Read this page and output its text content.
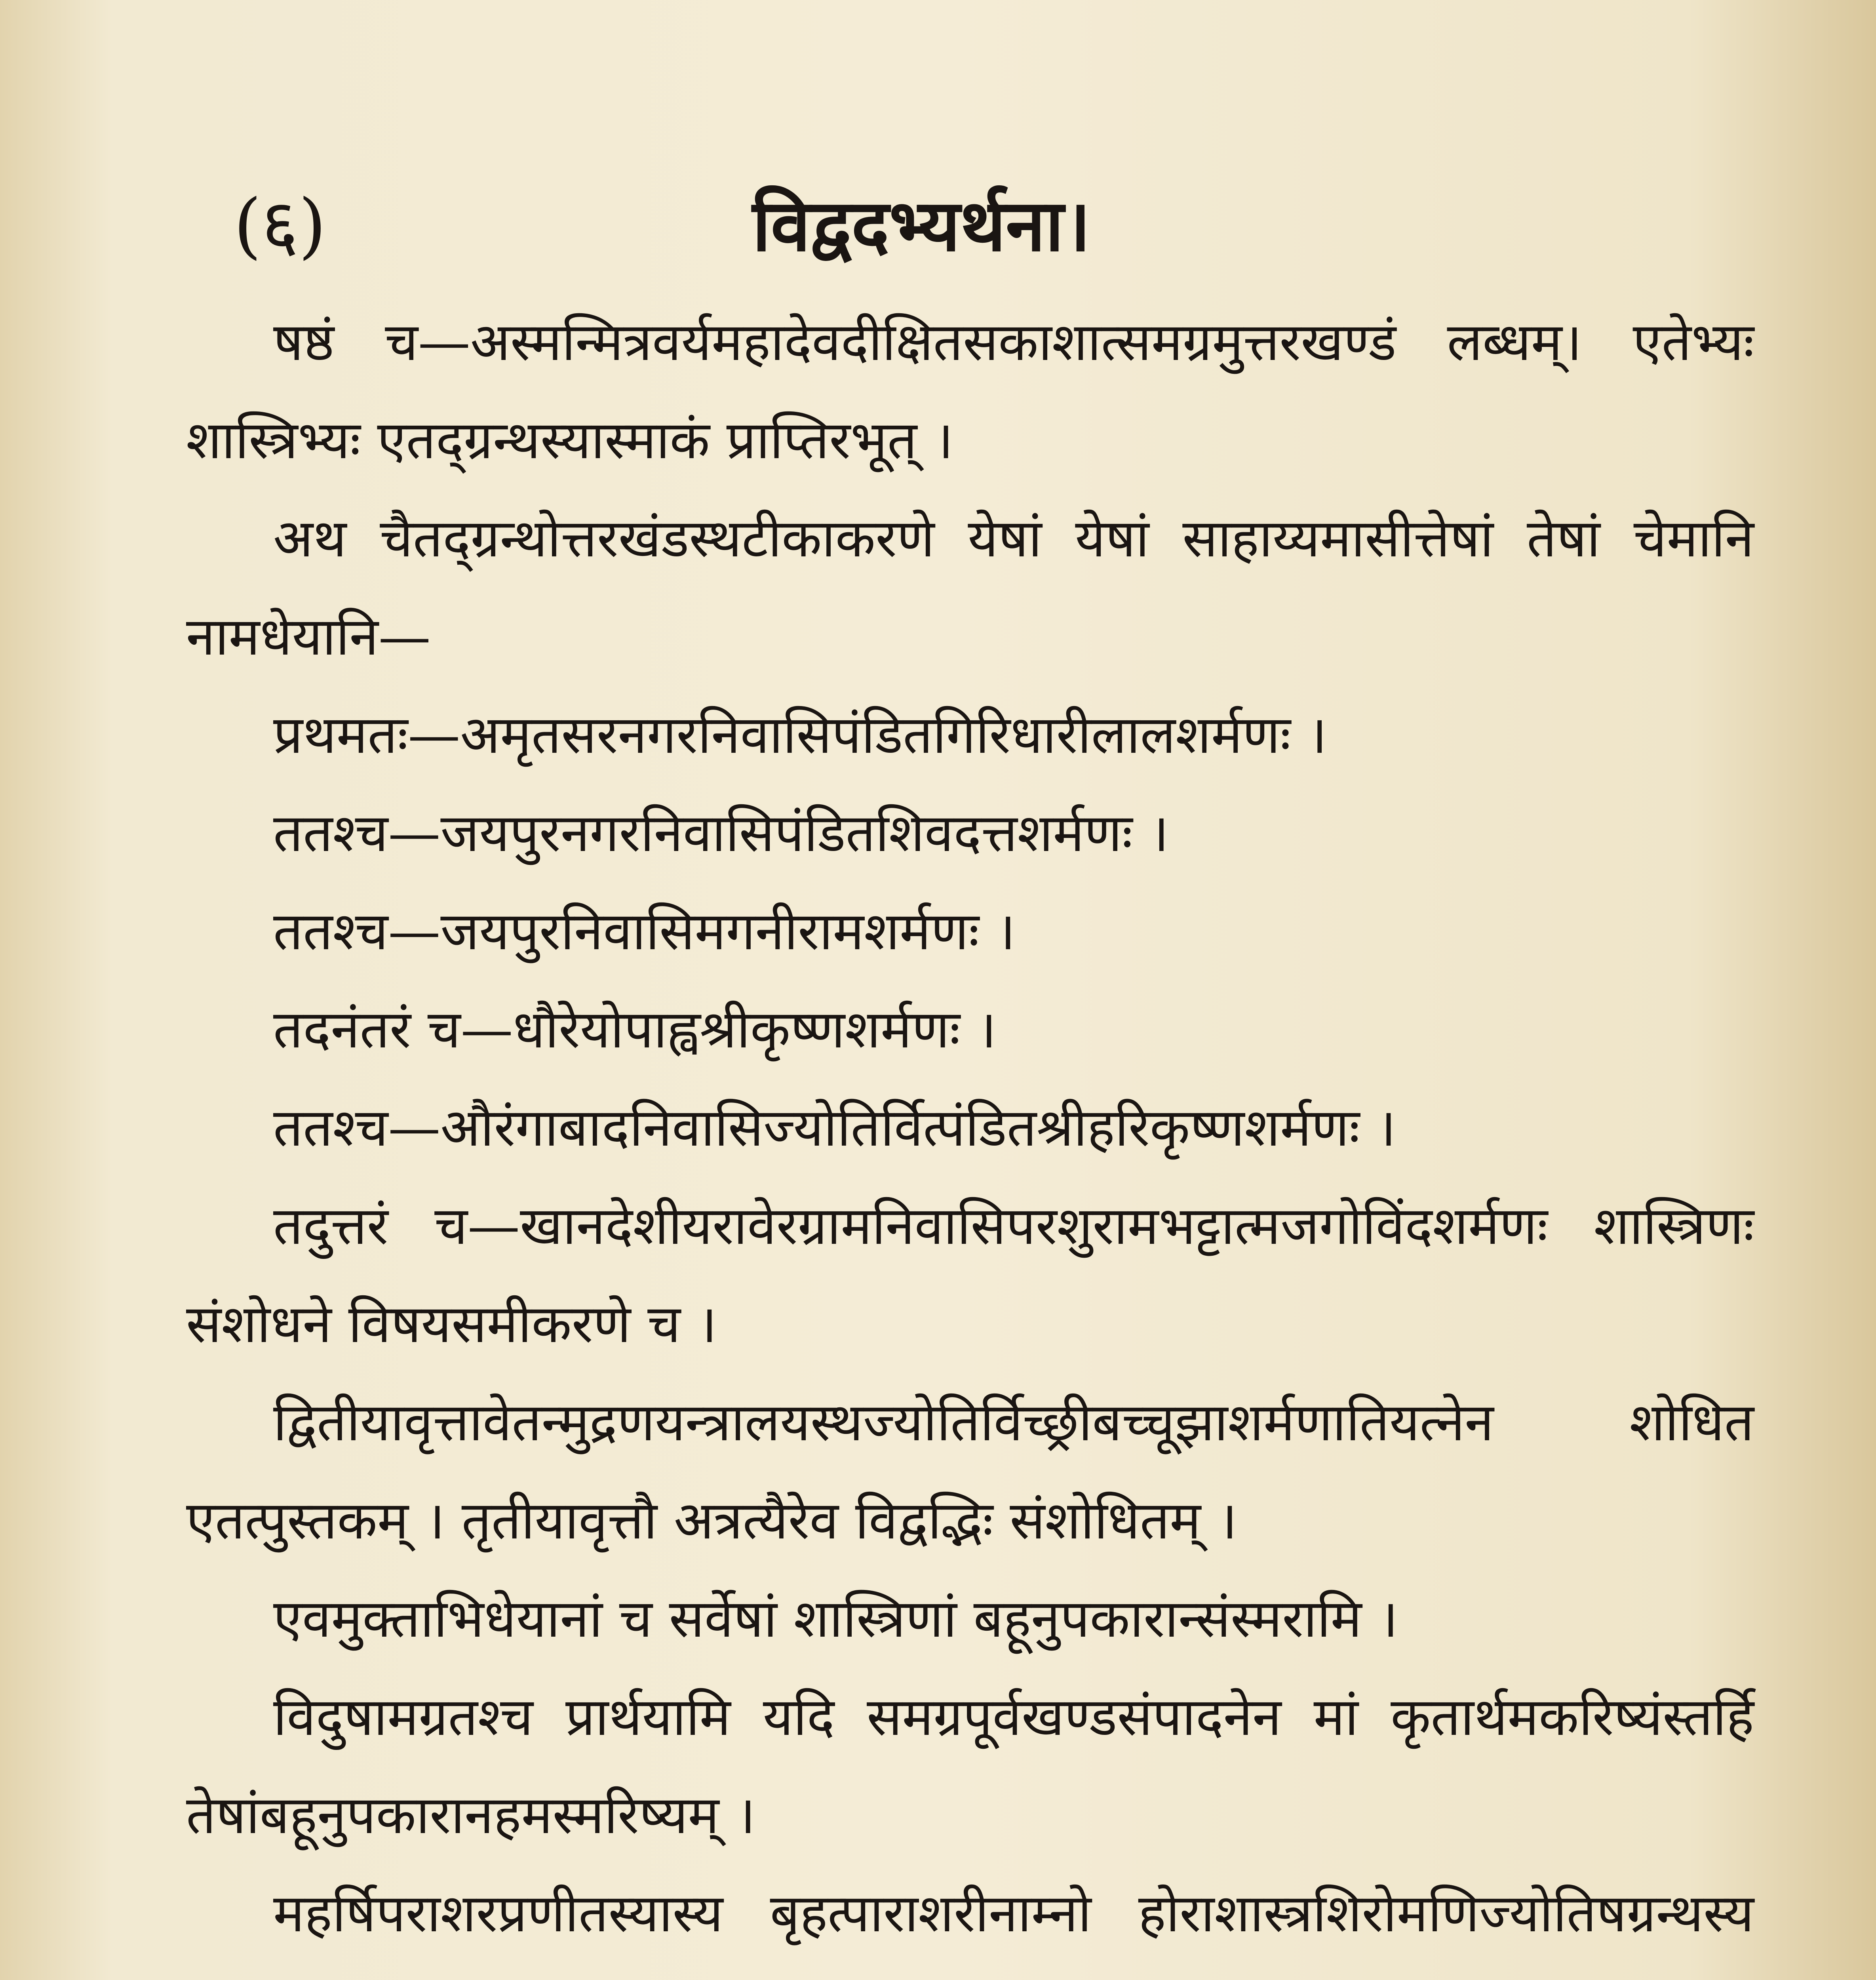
(६)	विद्वदभ्यर्थना।

षष्ठं च—अस्मन्मित्रवर्यमहादेवदीक्षितसकाशात्समग्रमुत्तरखण्डं लब्धम्। एतेभ्यः शास्त्रिभ्यः एतद्ग्रन्थस्यास्माकं प्राप्तिरभूत् ।

अथ चैतद्ग्रन्थोत्तरखंडस्थटीकाकरणे येषां येषां साहाय्यमासीत्तेषां तेषां चेमानि नामधेयानि—

प्रथमतः—अमृतसरनगरनिवासिपंडितगिरिधारीलालशर्मणः ।

ततश्च—जयपुरनगरनिवासिपंडितशिवदत्तशर्मणः ।

ततश्च—जयपुरनिवासिमगनीरामशर्मणः ।

तदनंतरं च—धौरेयोपाह्वश्रीकृष्णशर्मणः ।

ततश्च—औरंगाबादनिवासिज्योतिर्वित्पंडितश्रीहरिकृष्णशर्मणः ।

तदुत्तरं च—खानदेशीयरावेरग्रामनिवासिपरशुरामभट्टात्मजगोविंदशर्मणः शास्त्रिणः संशोधने विषयसमीकरणे च ।

द्वितीयावृत्तावेतन्मुद्रणयन्त्रालयस्थज्योतिर्विच्छ्रीबच्चूझाशर्मणातियत्नेन शोधित एतत्पुस्तकम् । तृतीयावृत्तौ अत्रत्यैरेव विद्वद्भिः संशोधितम् ।

एवमुक्ताभिधेयानां च सर्वेषां शास्त्रिणां बहूनुपकारान्संस्मरामि ।

विदुषामग्रतश्च प्रार्थयामि यदि समग्रपूर्वखण्डसंपादनेन मां कृतार्थमकरिष्यंस्तर्हि तेषांबहूनुपकारानहमस्मरिष्यम् ।

महर्षिपराशरप्रणीतस्यास्य बृहत्पाराशरीनाम्नो होराशास्त्रशिरोमणिज्योतिषग्रन्थस्य
